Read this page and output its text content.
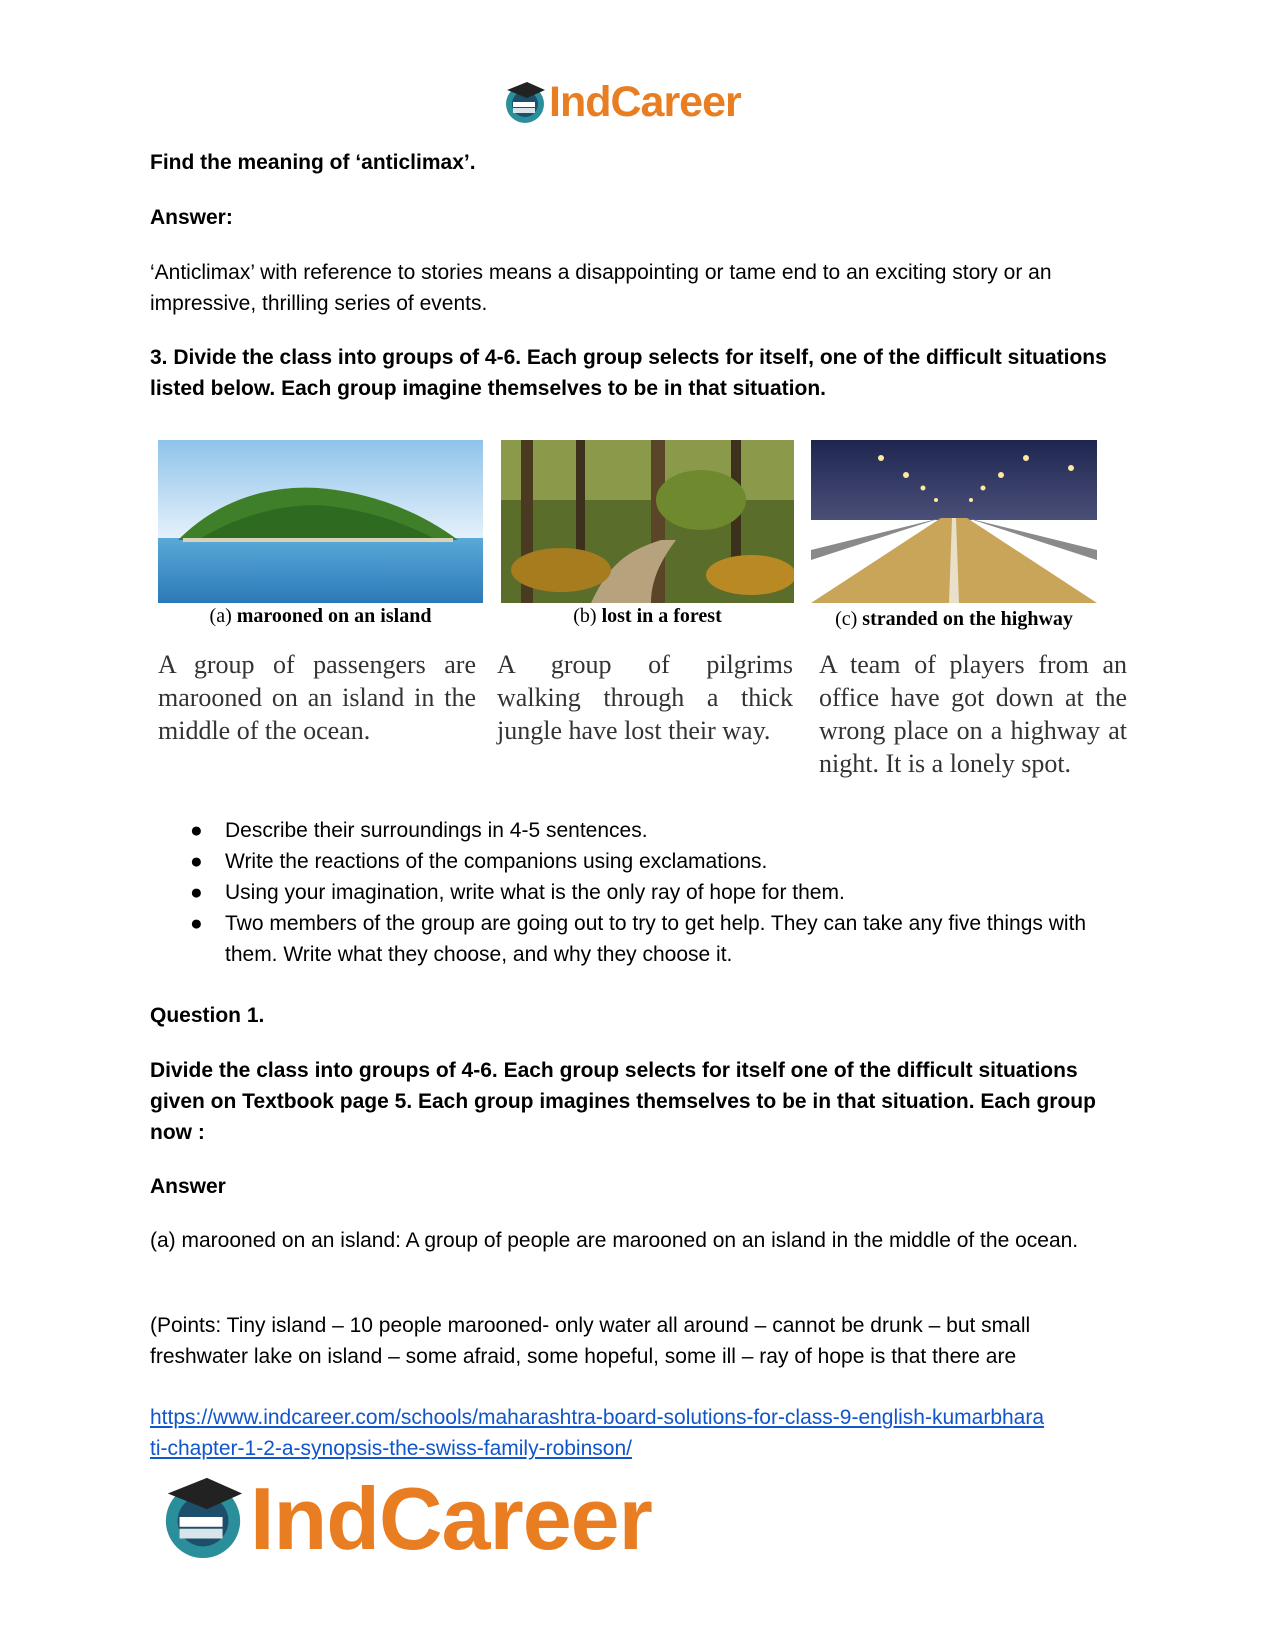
IndCareer
Find the meaning of ‘anticlimax’.
Answer:
‘Anticlimax’ with reference to stories means a disappointing or tame end to an exciting story or an impressive, thrilling series of events.
3. Divide the class into groups of 4-6. Each group selects for itself, one of the difficult situations listed below. Each group imagine themselves to be in that situation.
(a) marooned on an island	(b) lost in a forest	(c) stranded on the highway
A group of passengers are marooned on an island in the middle of the ocean.
A group of pilgrims walking through a thick jungle have lost their way.
A team of players from an office have got down at the wrong place on a highway at night. It is a lonely spot.
● Describe their surroundings in 4-5 sentences.
● Write the reactions of the companions using exclamations.
● Using your imagination, write what is the only ray of hope for them.
● Two members of the group are going out to try to get help. They can take any five things with them. Write what they choose, and why they choose it.
Question 1.
Divide the class into groups of 4-6. Each group selects for itself one of the difficult situations given on Textbook page 5. Each group imagines themselves to be in that situation. Each group now :
Answer
(a) marooned on an island: A group of people are marooned on an island in the middle of the ocean.
(Points: Tiny island – 10 people marooned- only water all around – cannot be drunk – but small freshwater lake on island – some afraid, some hopeful, some ill – ray of hope is that there are
https://www.indcareer.com/schools/maharashtra-board-solutions-for-class-9-english-kumarbhara
ti-chapter-1-2-a-synopsis-the-swiss-family-robinson/
IndCareer
